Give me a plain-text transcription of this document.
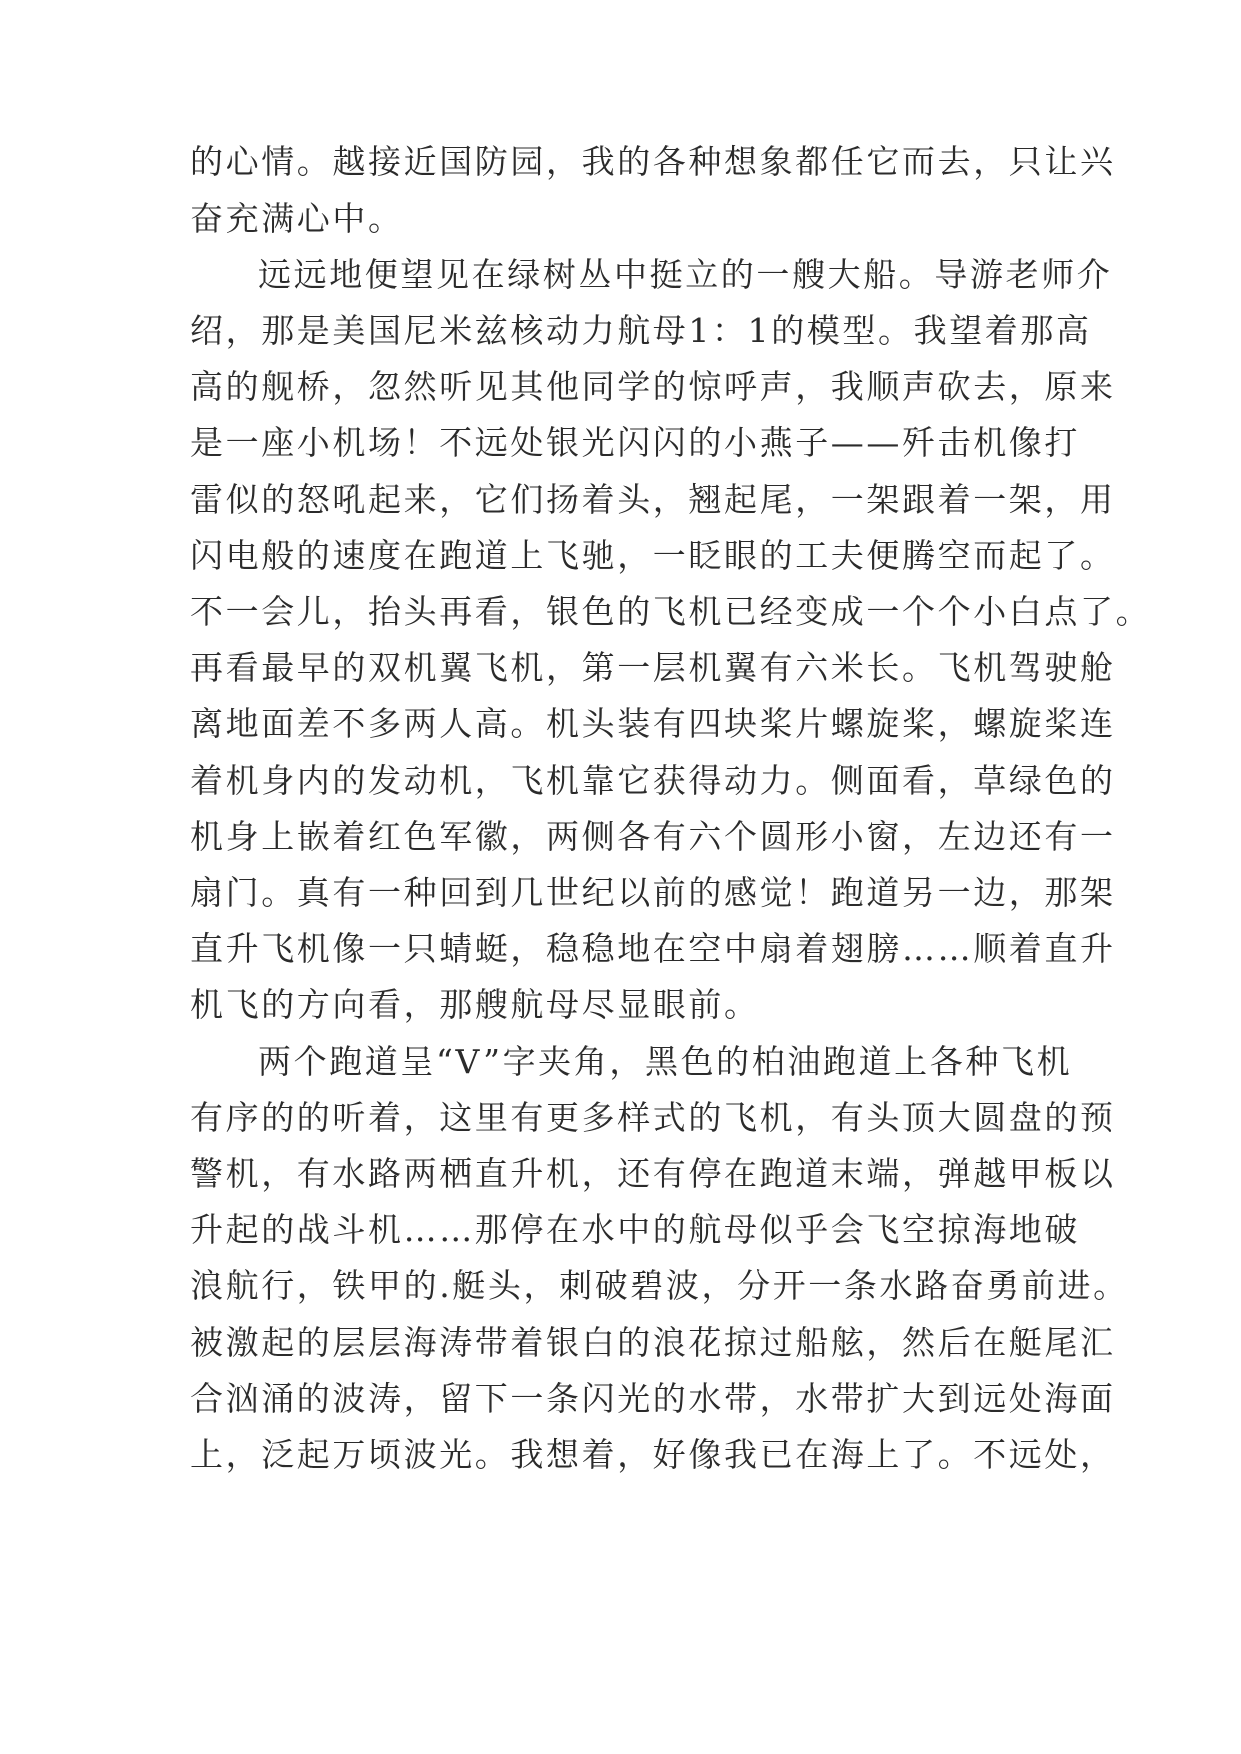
的心情。越接近国防园，我的各种想象都任它而去，只让兴
奋充满心中。
远远地便望见在绿树丛中挺立的一艘大船。导游老师介
绍，那是美国尼米兹核动力航母1：1的模型。我望着那高
高的舰桥，忽然听见其他同学的惊呼声，我顺声砍去，原来
是一座小机场！不远处银光闪闪的小燕子——歼击机像打
雷似的怒吼起来，它们扬着头，翘起尾，一架跟着一架，用
闪电般的速度在跑道上飞驰，一眨眼的工夫便腾空而起了。
不一会儿，抬头再看，银色的飞机已经变成一个个小白点了。
再看最早的双机翼飞机，第一层机翼有六米长。飞机驾驶舱
离地面差不多两人高。机头装有四块桨片螺旋桨，螺旋桨连
着机身内的发动机，飞机靠它获得动力。侧面看，草绿色的
机身上嵌着红色军徽，两侧各有六个圆形小窗，左边还有一
扇门。真有一种回到几世纪以前的感觉！跑道另一边，那架
直升飞机像一只蜻蜓，稳稳地在空中扇着翅膀……顺着直升
机飞的方向看，那艘航母尽显眼前。
两个跑道呈“V”字夹角，黑色的柏油跑道上各种飞机
有序的的听着，这里有更多样式的飞机，有头顶大圆盘的预
警机，有水路两栖直升机，还有停在跑道末端，弹越甲板以
升起的战斗机……那停在水中的航母似乎会飞空掠海地破
浪航行，铁甲的.艇头，刺破碧波，分开一条水路奋勇前进。
被激起的层层海涛带着银白的浪花掠过船舷，然后在艇尾汇
合汹涌的波涛，留下一条闪光的水带，水带扩大到远处海面
上，泛起万顷波光。我想着，好像我已在海上了。不远处，
